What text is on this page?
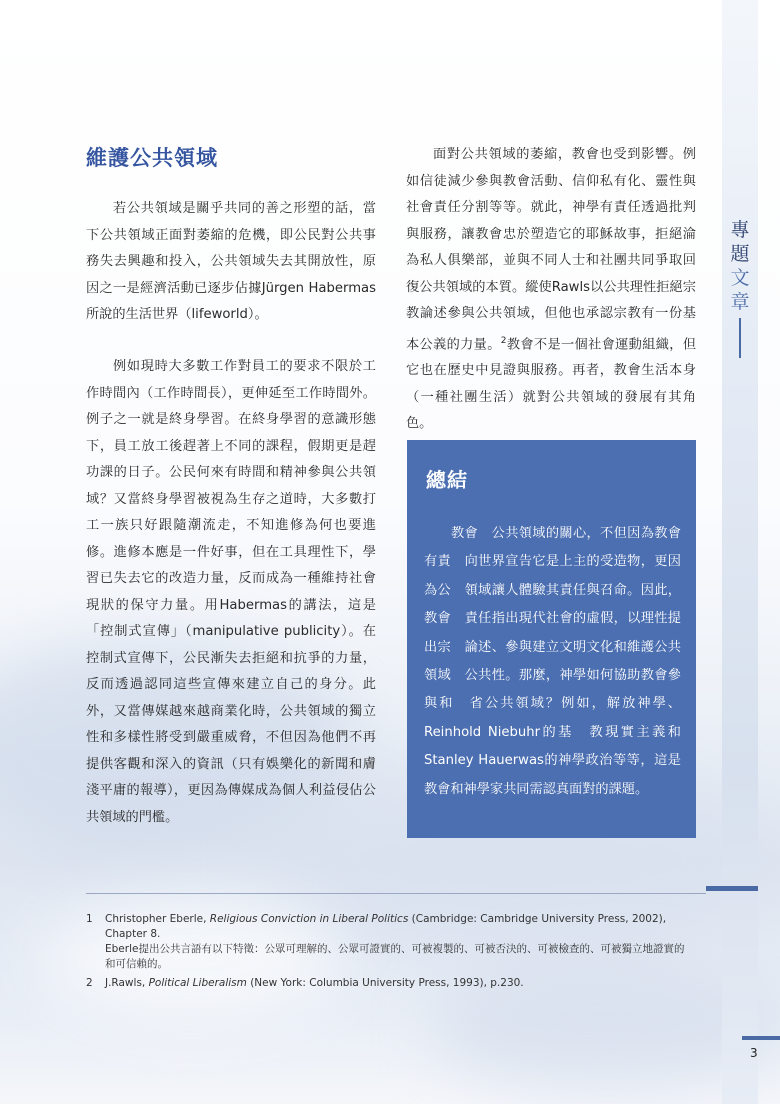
專
題
文
章
維護公共領域

若公共領域是關乎共同的善之形塑的話，當下公共領域正面對萎縮的危機，即公民對公共事務失去興趣和投入，公共領域失去其開放性，原因之一是經濟活動已逐步佔據Jürgen Habermas所說的生活世界（lifeworld）。

例如現時大多數工作對員工的要求不限於工作時間內（工作時間長），更伸延至工作時間外。例子之一就是終身學習。在終身學習的意識形態下，員工放工後趕著上不同的課程，假期更是趕功課的日子。公民何來有時間和精神參與公共領域？又當終身學習被視為生存之道時，大多數打工一族只好跟隨潮流走，不知進修為何也要進修。進修本應是一件好事，但在工具理性下，學習已失去它的改造力量，反而成為一種維持社會現狀的保守力量。用Habermas的講法，這是「控制式宣傳」（manipulative publicity）。在控制式宣傳下，公民漸失去拒絕和抗爭的力量，反而透過認同這些宣傳來建立自己的身分。此外，又當傳媒越來越商業化時，公共領域的獨立性和多樣性將受到嚴重威脅，不但因為他們不再提供客觀和深入的資訊（只有娛樂化的新聞和膚淺平庸的報導），更因為傳媒成為個人利益侵佔公共領域的門檻。

面對公共領域的萎縮，教會也受到影響。例如信徒減少參與教會活動、信仰私有化、靈性與社會責任分割等等。就此，神學有責任透過批判與服務，讓教會忠於塑造它的耶穌故事，拒絕淪為私人俱樂部，並與不同人士和社團共同爭取回復公共領域的本質。縱使Rawls以公共理性拒絕宗教論述參與公共領域，但他也承認宗教有一份基本公義的力量。$^2$教會不是一個社會運動組織，但它也在歷史中見證與服務。再者，教會生活本身（一種社團生活）就對公共領域的發展有其角色。

總結

教會　公共領域的關心，不但因為教會有責　向世界宣告它是上主的受造物，更因為公　領域讓人體驗其責任與召命。因此，教會　責任指出現代社會的虛假，以理性提出宗　論述、參與建立文明文化和維護公共領域　公共性。那麼，神學如何協助教會參與和　省公共領域？例如，解放神學、Reinhold Niebuhr的基　教現實主義和Stanley Hauerwas的神學政治等等，這是教會和神學家共同需認真面對的課題。

1 Christopher Eberle, Religious Conviction in Liberal Politics (Cambridge: Cambridge University Press, 2002), Chapter 8.
Eberle提出公共言語有以下特徵：公眾可理解的、公眾可證實的、可被複製的、可被否決的、可被檢查的、可被獨立地證實的和可信賴的。
2 J.Rawls, Political Liberalism (New York: Columbia University Press, 1993), p.230.
3
